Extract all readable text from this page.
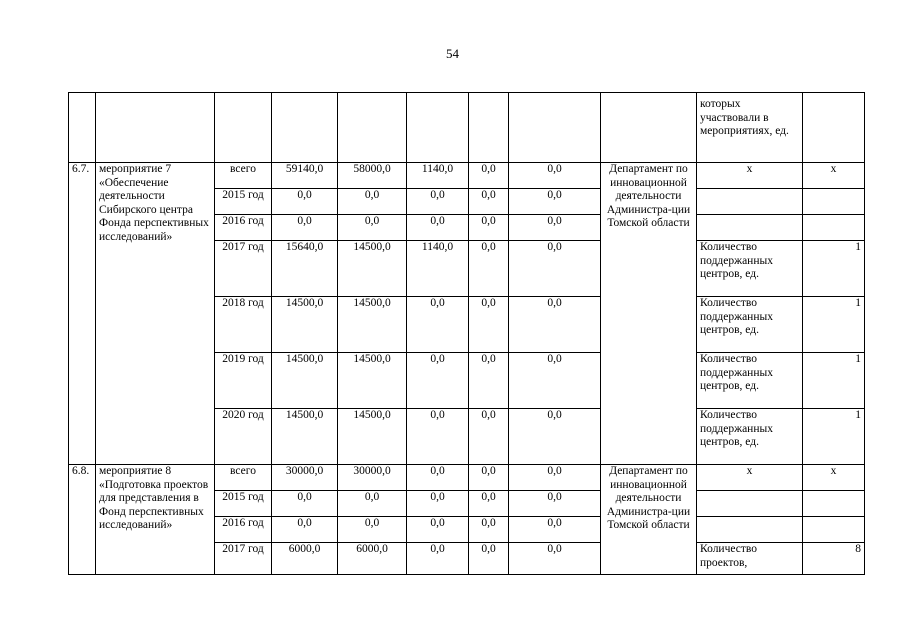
54
									которых участвовали в мероприятиях, ед.	
6.7.	мероприятие 7 «Обеспечение деятельности Сибирского центра Фонда перспективных исследований»	всего	59140,0	58000,0	1140,0	0,0	0,0	Департамент по инновационной деятельности Администра-ции Томской области	х	х
		2015 год	0,0	0,0	0,0	0,0	0,0			
		2016 год	0,0	0,0	0,0	0,0	0,0			
		2017 год	15640,0	14500,0	1140,0	0,0	0,0		Количество поддержанных центров, ед.	1
		2018 год	14500,0	14500,0	0,0	0,0	0,0		Количество поддержанных центров, ед.	1
		2019 год	14500,0	14500,0	0,0	0,0	0,0		Количество поддержанных центров, ед.	1
		2020 год	14500,0	14500,0	0,0	0,0	0,0		Количество поддержанных центров, ед.	1
6.8.	мероприятие 8 «Подготовка проектов для представления в Фонд перспективных исследований»	всего	30000,0	30000,0	0,0	0,0	0,0	Департамент по инновационной деятельности Администра-ции Томской области	х	х
		2015 год	0,0	0,0	0,0	0,0	0,0			
		2016 год	0,0	0,0	0,0	0,0	0,0			
		2017 год	6000,0	6000,0	0,0	0,0	0,0		Количество проектов,	8
